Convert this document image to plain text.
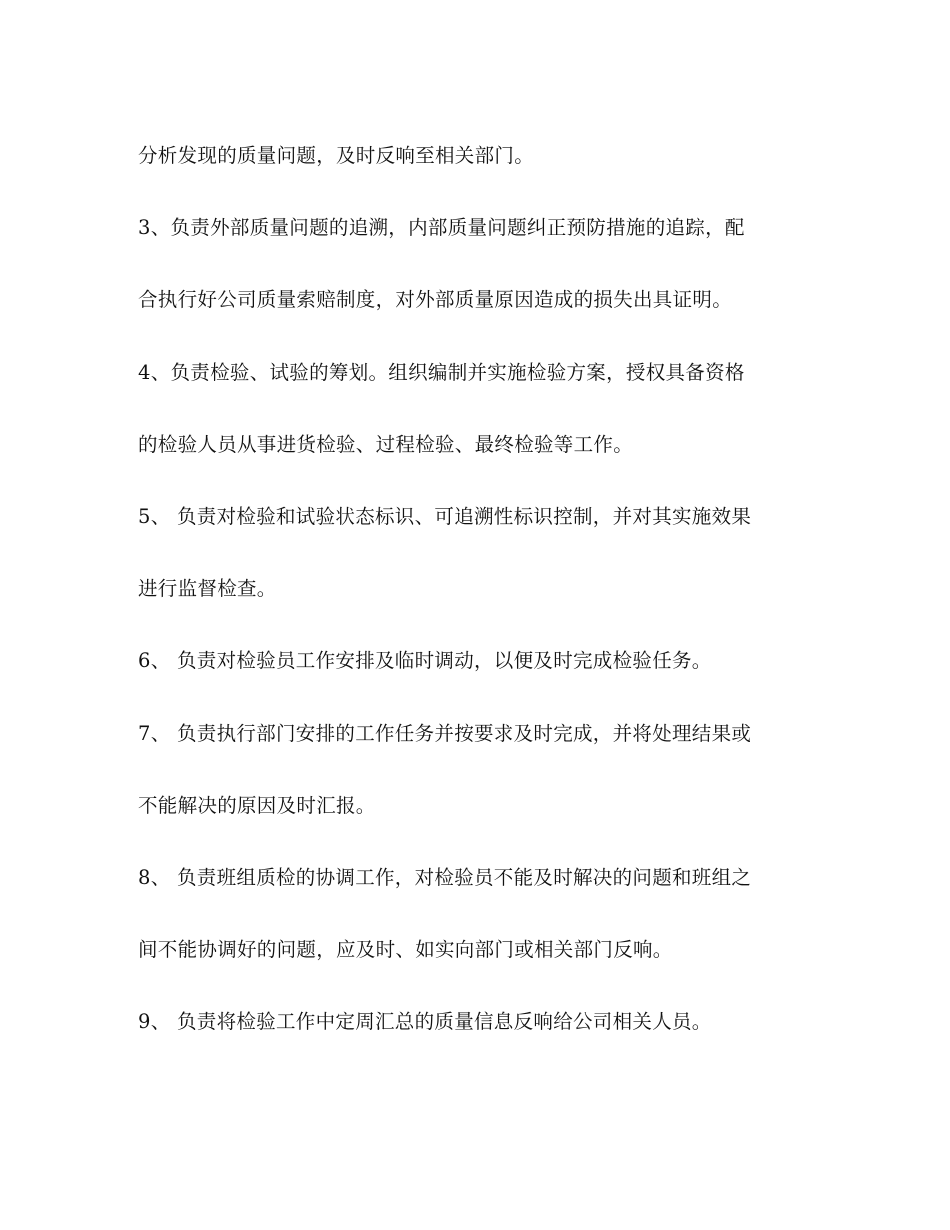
分析发现的质量问题，及时反响至相关部门。
3、负责外部质量问题的追溯，内部质量问题纠正预防措施的追踪，配
合执行好公司质量索赔制度，对外部质量原因造成的损失出具证明。
4、负责检验、试验的筹划。组织编制并实施检验方案，授权具备资格
的检验人员从事进货检验、过程检验、最终检验等工作。
5、 负责对检验和试验状态标识、可追溯性标识控制，并对其实施效果
进行监督检查。
6、 负责对检验员工作安排及临时调动，以便及时完成检验任务。
7、 负责执行部门安排的工作任务并按要求及时完成，并将处理结果或
不能解决的原因及时汇报。
8、 负责班组质检的协调工作，对检验员不能及时解决的问题和班组之
间不能协调好的问题，应及时、如实向部门或相关部门反响。
9、 负责将检验工作中定周汇总的质量信息反响给公司相关人员。
